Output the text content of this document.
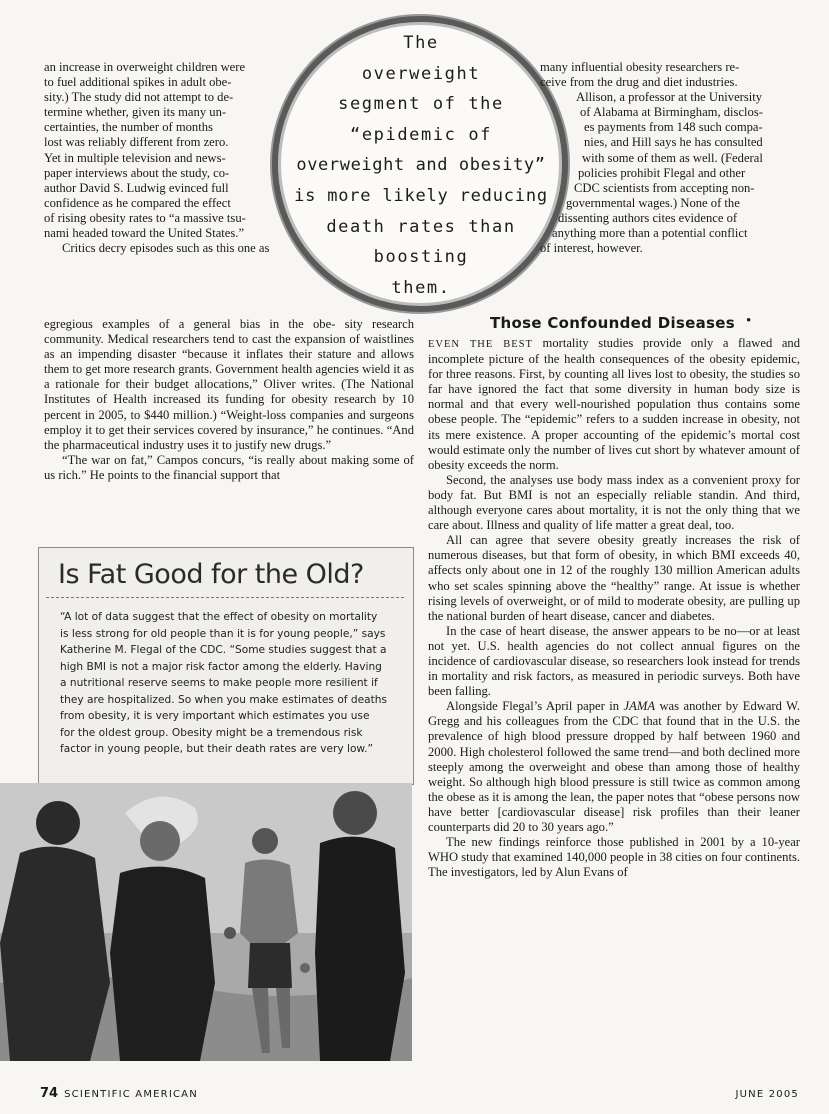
an increase in overweight children were
to fuel additional spikes in adult obe-
sity.) The study did not attempt to de-
termine whether, given its many un-
certainties, the number of months
lost was reliably different from zero.
Yet in multiple television and news-
paper interviews about the study, co-
author David S. Ludwig evinced full
confidence as he compared the effect
of rising obesity rates to “a massive tsu-
nami headed toward the United States.”
Critics decry episodes such as this one as

egregious examples of a general bias in the obe- sity research community. Medical researchers tend to cast the expansion of waistlines as an impending disaster “because it inflates their stature and allows them to get more research grants. Government health agencies wield it as a rationale for their budget allocations,” Oliver writes. (The National Institutes of Health increased its funding for obesity research by 10 percent in 2005, to $440 million.) “Weight-loss companies and surgeons employ it to get their services covered by insurance,” he continues. “And the pharmaceutical industry uses it to justify new drugs.”

“The war on fat,” Campos concurs, “is really about making some of us rich.” He points to the financial support that

The
overweight
segment of the
“epidemic of
overweight and obesity”
is more likely reducing
death rates than
boosting
them.
many influential obesity researchers re-
ceive from the drug and diet industries.
Allison, a professor at the University
of Alabama at Birmingham, disclos-
es payments from 148 such compa-
nies, and Hill says he has consulted
with some of them as well. (Federal
policies prohibit Flegal and other
CDC scientists from accepting non-
governmental wages.) None of the
dissenting authors cites evidence of
anything more than a potential conflict
of interest, however.
Those Confounded Diseases •

EVEN THE BEST mortality studies provide only a flawed and incomplete picture of the health consequences of the obesity epidemic, for three reasons. First, by counting all lives lost to obesity, the studies so far have ignored the fact that some diversity in human body size is normal and that every well-nourished population thus contains some obese people. The “epidemic” refers to a sudden increase in obesity, not its mere existence. A proper accounting of the epidemic’s mortal cost would estimate only the number of lives cut short by whatever amount of obesity exceeds the norm.

Second, the analyses use body mass index as a convenient proxy for body fat. But BMI is not an especially reliable standin. And third, although everyone cares about mortality, it is not the only thing that we care about. Illness and quality of life matter a great deal, too.

All can agree that severe obesity greatly increases the risk of numerous diseases, but that form of obesity, in which BMI exceeds 40, affects only about one in 12 of the roughly 130 million American adults who set scales spinning above the “healthy” range. At issue is whether rising levels of overweight, or of mild to moderate obesity, are pulling up the national burden of heart disease, cancer and diabetes.

In the case of heart disease, the answer appears to be no—or at least not yet. U.S. health agencies do not collect annual figures on the incidence of cardiovascular disease, so researchers look instead for trends in mortality and risk factors, as measured in periodic surveys. Both have been falling.

Alongside Flegal’s April paper in JAMA was another by Edward W. Gregg and his colleagues from the CDC that found that in the U.S. the prevalence of high blood pressure dropped by half between 1960 and 2000. High cholesterol followed the same trend—and both declined more steeply among the overweight and obese than among those of healthy weight. So although high blood pressure is still twice as common among the obese as it is among the lean, the paper notes that “obese persons now have better [cardiovascular disease] risk profiles than their leaner counterparts did 20 to 30 years ago.”

The new findings reinforce those published in 2001 by a 10-year WHO study that examined 140,000 people in 38 cities on four continents. The investigators, led by Alun Evans of

Is Fat Good for the Old?
“A lot of data suggest that the effect of obesity on mortality
is less strong for old people than it is for young people,” says
Katherine M. Flegal of the CDC. “Some studies suggest that a
high BMI is not a major risk factor among the elderly. Having
a nutritional reserve seems to make people more resilient if
they are hospitalized. So when you make estimates of deaths
from obesity, it is very important which estimates you use
for the oldest group. Obesity might be a tremendous risk
factor in young people, but their death rates are very low.”
74 SCIENTIFIC AMERICAN	JUNE 2005
